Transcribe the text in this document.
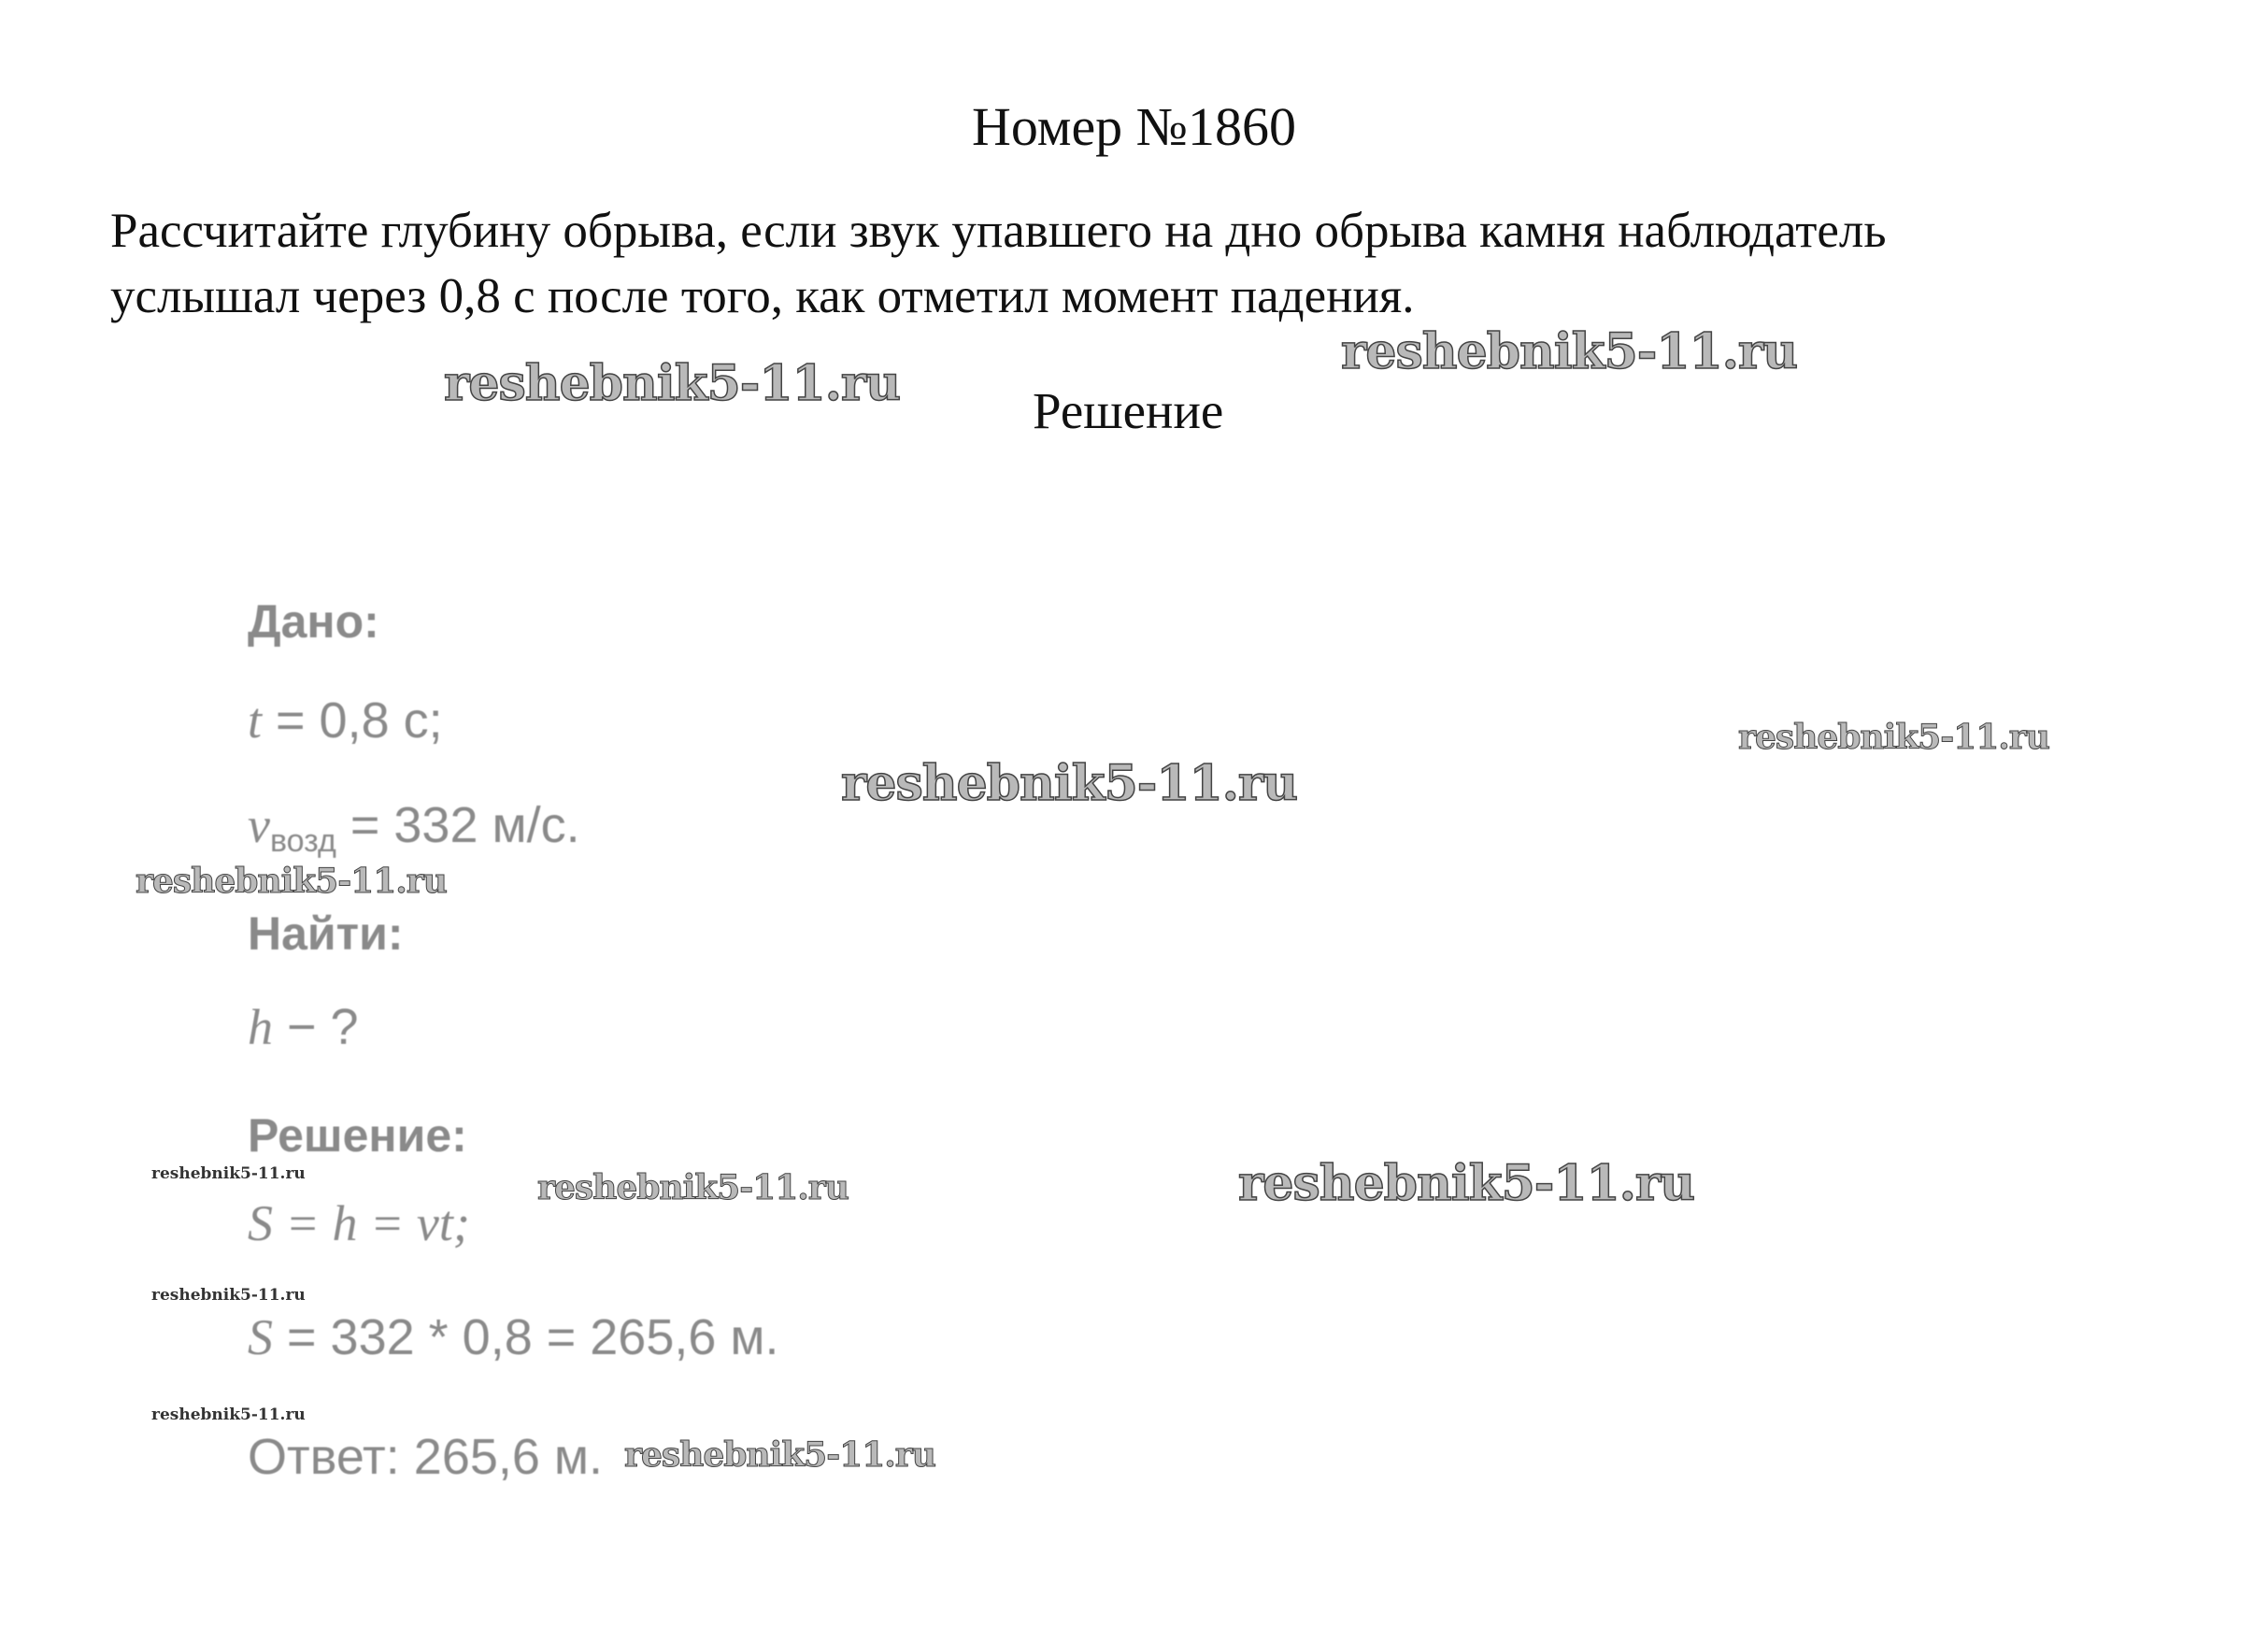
Номер №1860
Рассчитайте глубину обрыва, если звук упавшего на дно обрыва камня наблюдатель
услышал через 0,8 с после того, как отметил момент падения.
Решение
Дано:
t = 0,8 с;
$v_{возд} = 332$ м/с.
Найти:
h − ?
Решение:
S = h = vt;
S = 332 * 0,8 = 265,6 м.
Ответ: 265,6 м.
reshebnik5-11.ru
reshebnik5-11.ru
reshebnik5-11.ru
reshebnik5-11.ru
reshebnik5-11.ru
reshebnik5-11.ru	reshebnik5-11.ru
reshebnik5-11.ru
reshebnik5-11.ru
reshebnik5-11.ru
reshebnik5-11.ru
